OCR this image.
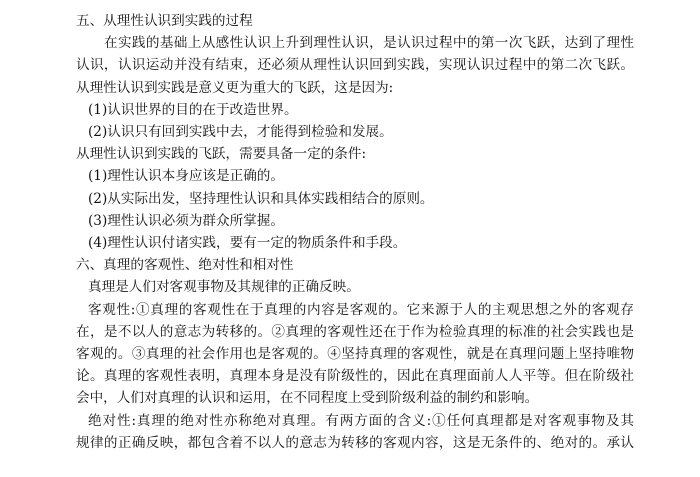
五、从理性认识到实践的过程
在实践的基础上从感性认识上升到理性认识，是认识过程中的第一次飞跃，达到了理性
认识，认识运动并没有结束，还必须从理性认识回到实践，实现认识过程中的第二次飞跃。
从理性认识到实践是意义更为重大的飞跃，这是因为:
(1)认识世界的目的在于改造世界。
(2)认识只有回到实践中去，才能得到检验和发展。
从理性认识到实践的飞跃，需要具备一定的条件:
(1)理性认识本身应该是正确的。
(2)从实际出发，坚持理性认识和具体实践相结合的原则。
(3)理性认识必须为群众所掌握。
(4)理性认识付诸实践，要有一定的物质条件和手段。
六、真理的客观性、绝对性和相对性
真理是人们对客观事物及其规律的正确反映。
客观性:①真理的客观性在于真理的内容是客观的。它来源于人的主观思想之外的客观存
在，是不以人的意志为转移的。②真理的客观性还在于作为检验真理的标准的社会实践也是
客观的。③真理的社会作用也是客观的。④坚持真理的客观性，就是在真理问题上坚持唯物
论。真理的客观性表明，真理本身是没有阶级性的，因此在真理面前人人平等。但在阶级社
会中，人们对真理的认识和运用，在不同程度上受到阶级利益的制约和影响。
绝对性:真理的绝对性亦称绝对真理。有两方面的含义:①任何真理都是对客观事物及其
规律的正确反映，都包含着不以人的意志为转移的客观内容，这是无条件的、绝对的。承认
